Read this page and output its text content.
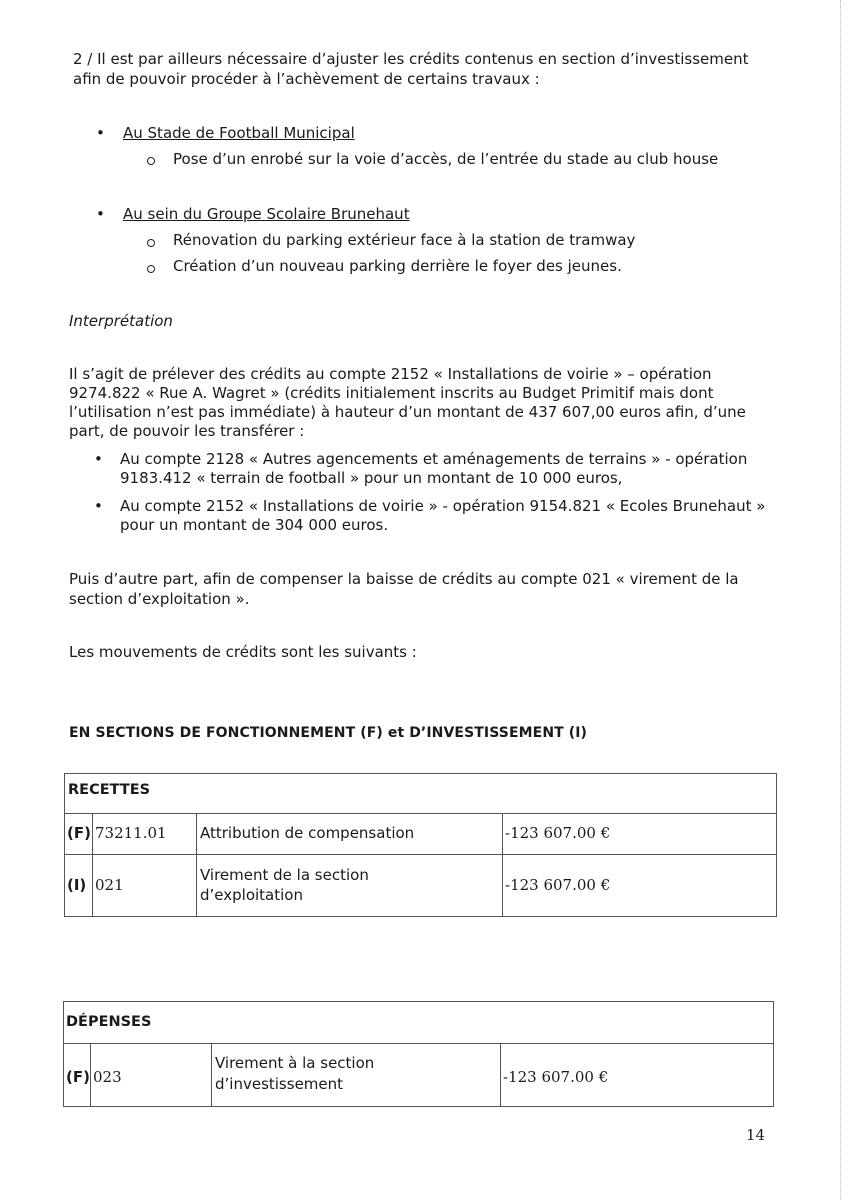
2 / Il est par ailleurs nécessaire d’ajuster les crédits contenus en section d’investissement
afin de pouvoir procéder à l’achèvement de certains travaux :
• Au Stade de Football Municipal
Pose d’un enrobé sur la voie d’accès, de l’entrée du stade au club house
• Au sein du Groupe Scolaire Brunehaut
Rénovation du parking extérieur face à la station de tramway
Création d’un nouveau parking derrière le foyer des jeunes.
Interprétation
Il s’agit de prélever des crédits au compte 2152 « Installations de voirie » – opération
9274.822 « Rue A. Wagret » (crédits initialement inscrits au Budget Primitif mais dont
l’utilisation n’est pas immédiate) à hauteur d’un montant de 437 607,00 euros afin, d’une
part, de pouvoir les transférer :
• Au compte 2128 « Autres agencements et aménagements de terrains » - opération
9183.412 « terrain de football » pour un montant de 10 000 euros,
• Au compte 2152 « Installations de voirie » - opération 9154.821 « Ecoles Brunehaut »
pour un montant de 304 000 euros.
Puis d’autre part, afin de compenser la baisse de crédits au compte 021 « virement de la
section d’exploitation ».
Les mouvements de crédits sont les suivants :
EN SECTIONS DE FONCTIONNEMENT (F) et D’INVESTISSEMENT (I)
RECETTES
(F) 73211.01 Attribution de compensation	-123 607.00 €
(I) 021
Virement de la section
d’exploitation
-123 607.00 €
DÉPENSES
(F) 023
Virement à la section
d’investissement	-123 607.00 €
14
